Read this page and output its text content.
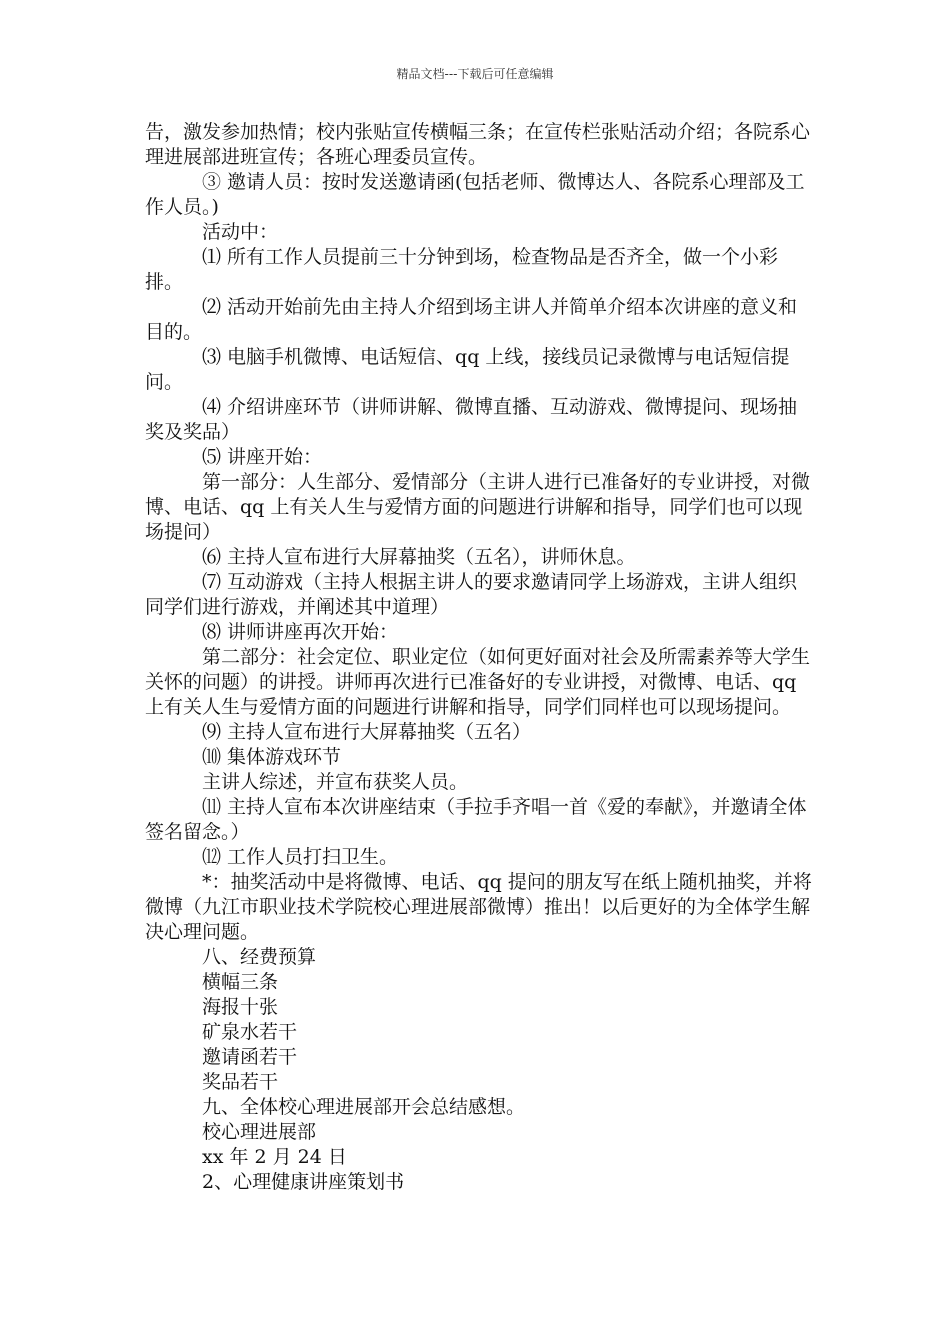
精品文档---下载后可任意编辑

告，激发参加热情；校内张贴宣传横幅三条；在宣传栏张贴活动介绍；各院系心理进展部进班宣传；各班心理委员宣传。

③ 邀请人员：按时发送邀请函(包括老师、微博达人、各院系心理部及工作人员。)

活动中：

⑴ 所有工作人员提前三十分钟到场，检查物品是否齐全，做一个小彩排。

⑵ 活动开始前先由主持人介绍到场主讲人并简单介绍本次讲座的意义和目的。

⑶ 电脑手机微博、电话短信、qq 上线，接线员记录微博与电话短信提问。

⑷ 介绍讲座环节（讲师讲解、微博直播、互动游戏、微博提问、现场抽奖及奖品）

⑸ 讲座开始：

第一部分：人生部分、爱情部分（主讲人进行已准备好的专业讲授，对微博、电话、qq 上有关人生与爱情方面的问题进行讲解和指导，同学们也可以现场提问）

⑹ 主持人宣布进行大屏幕抽奖（五名），讲师休息。

⑺ 互动游戏（主持人根据主讲人的要求邀请同学上场游戏，主讲人组织同学们进行游戏，并阐述其中道理）

⑻ 讲师讲座再次开始：

第二部分：社会定位、职业定位（如何更好面对社会及所需素养等大学生关怀的问题）的讲授。讲师再次进行已准备好的专业讲授，对微博、电话、qq 上有关人生与爱情方面的问题进行讲解和指导，同学们同样也可以现场提问。

⑼ 主持人宣布进行大屏幕抽奖（五名）

⑽ 集体游戏环节

主讲人综述，并宣布获奖人员。

⑾ 主持人宣布本次讲座结束（手拉手齐唱一首《爱的奉献》，并邀请全体签名留念。）

⑿ 工作人员打扫卫生。

*：抽奖活动中是将微博、电话、qq 提问的朋友写在纸上随机抽奖，并将微博（九江市职业技术学院校心理进展部微博）推出！以后更好的为全体学生解决心理问题。

八、经费预算

横幅三条

海报十张

矿泉水若干

邀请函若干

奖品若干

九、全体校心理进展部开会总结感想。

校心理进展部

xx 年 2 月 24 日

2、心理健康讲座策划书
